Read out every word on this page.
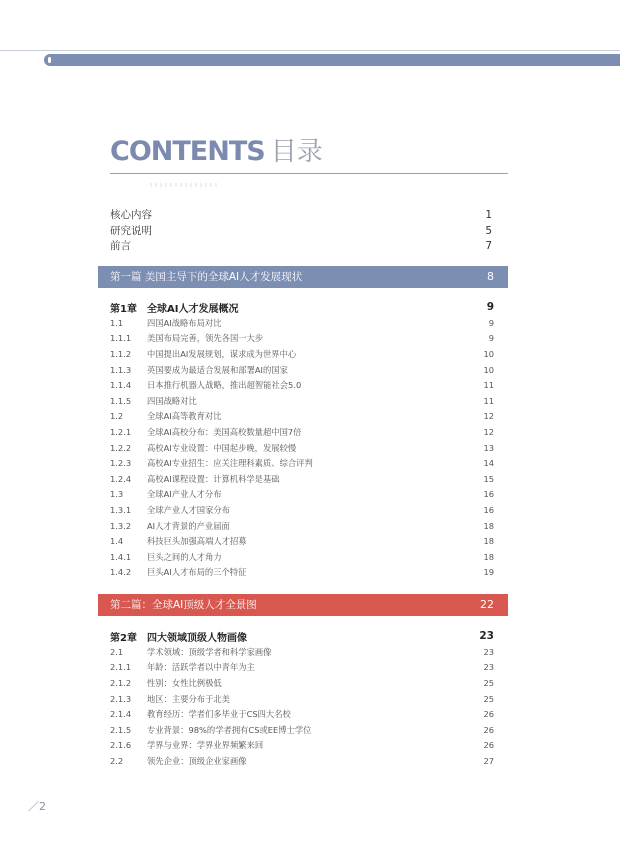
CONTENTS 目录
核心内容	1
研究说明	5
前言	7
第一篇 美国主导下的全球AI人才发展现状	8
第1章	全球AI人才发展概况	9
1.1	四国AI战略布局对比	9
1.1.1	美国布局完善，领先各国一大步	9
1.1.2	中国提出AI发展规划，谋求成为世界中心	10
1.1.3	英国要成为最适合发展和部署AI的国家	10
1.1.4	日本推行机器人战略，推出超智能社会5.0	11
1.1.5	四国战略对比	11
1.2	全球AI高等教育对比	12
1.2.1	全球AI高校分布：美国高校数量超中国7倍	12
1.2.2	高校AI专业设置：中国起步晚，发展较慢	13
1.2.3	高校AI专业招生：应关注理科素质、综合评判	14
1.2.4	高校AI课程设置：计算机科学是基础	15
1.3	全球AI产业人才分布	16
1.3.1	全球产业人才国家分布	16
1.3.2	AI人才背景的产业届面	18
1.4	科技巨头加强高端人才招募	18
1.4.1	巨头之间的人才角力	18
1.4.2	巨头AI人才布局的三个特征	19
第二篇：全球AI顶级人才全景图	22
第2章	四大领域顶级人物画像	23
2.1	学术领域：顶级学者和科学家画像	23
2.1.1	年龄：活跃学者以中青年为主	23
2.1.2	性别：女性比例极低	25
2.1.3	地区：主要分布于北美	25
2.1.4	教育经历：学者们多毕业于CS四大名校	26
2.1.5	专业背景：98%的学者拥有CS或EE博士学位	26
2.1.6	学界与业界：学界业界频繁来回	26
2.2	领先企业：顶级企业家画像	27
／2
